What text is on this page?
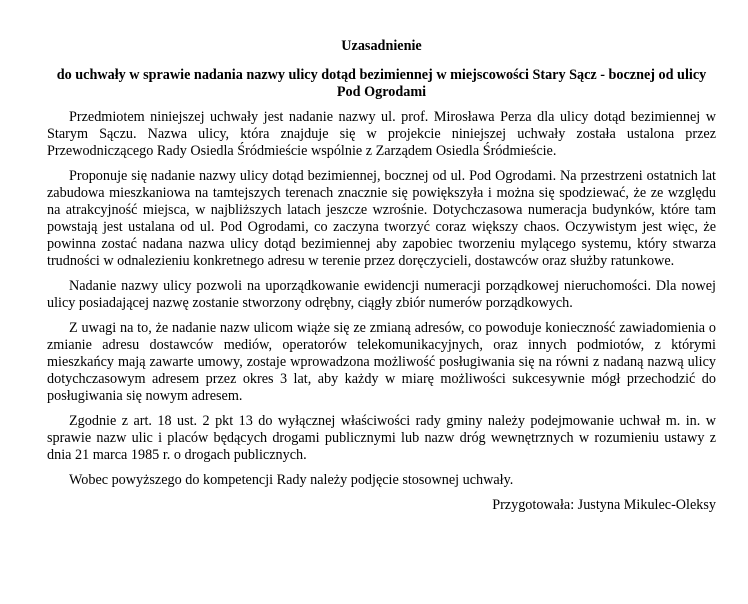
Uzasadnienie
do uchwały w sprawie nadania nazwy ulicy dotąd bezimiennej w miejscowości Stary Sącz - bocznej od ulicy Pod Ogrodami

Przedmiotem niniejszej uchwały jest nadanie nazwy ul. prof. Mirosława Perza dla ulicy dotąd bezimiennej w Starym Sączu. Nazwa ulicy, która znajduje się w projekcie niniejszej uchwały została ustalona przez Przewodniczącego Rady Osiedla Śródmieście wspólnie z Zarządem Osiedla Śródmieście.

Proponuje się nadanie nazwy ulicy dotąd bezimiennej, bocznej od ul. Pod Ogrodami. Na przestrzeni ostatnich lat zabudowa mieszkaniowa na tamtejszych terenach znacznie się powiększyła i można się spodziewać, że ze względu na atrakcyjność miejsca, w najbliższych latach jeszcze wzrośnie. Dotychczasowa numeracja budynków, które tam powstają jest ustalana od ul. Pod Ogrodami, co zaczyna tworzyć coraz większy chaos. Oczywistym jest więc, że powinna zostać nadana nazwa ulicy dotąd bezimiennej aby zapobiec tworzeniu mylącego systemu, który stwarza trudności w odnalezieniu konkretnego adresu w terenie przez doręczycieli, dostawców oraz służby ratunkowe.

Nadanie nazwy ulicy pozwoli na uporządkowanie ewidencji numeracji porządkowej nieruchomości. Dla nowej ulicy posiadającej nazwę zostanie stworzony odrębny, ciągły zbiór numerów porządkowych.

Z uwagi na to, że nadanie nazw ulicom wiąże się ze zmianą adresów, co powoduje konieczność zawiadomienia o zmianie adresu dostawców mediów, operatorów telekomunikacyjnych, oraz innych podmiotów, z którymi mieszkańcy mają zawarte umowy, zostaje wprowadzona możliwość posługiwania się na równi z nadaną nazwą ulicy dotychczasowym adresem przez okres 3 lat, aby każdy w miarę możliwości sukcesywnie mógł przechodzić do posługiwania się nowym adresem.

Zgodnie z art. 18 ust. 2 pkt 13 do wyłącznej właściwości rady gminy należy podejmowanie uchwał m. in. w sprawie nazw ulic i placów będących drogami publicznymi lub nazw dróg wewnętrznych w rozumieniu ustawy z dnia 21 marca 1985 r. o drogach publicznych.

Wobec powyższego do kompetencji Rady należy podjęcie stosownej uchwały.

Przygotowała: Justyna Mikulec-Oleksy
